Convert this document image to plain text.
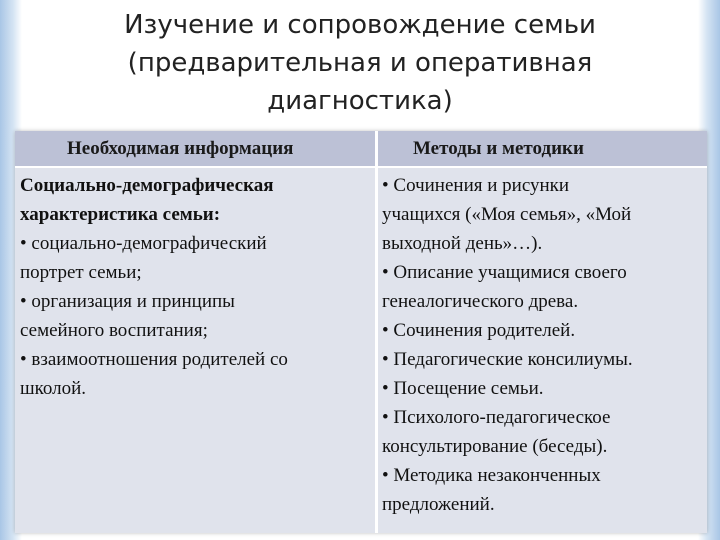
Изучение и сопровождение семьи
(предварительная и оперативная
диагностика)
Необходимая информация	Методы и методики
Социально-демографическая
характеристика семьи:
• социально-демографический
портрет семьи;
• организация и принципы
семейного воспитания;
• взаимоотношения родителей со
школой.
• Сочинения и рисунки
учащихся («Моя семья», «Мой
выходной день»…).
• Описание учащимися своего
генеалогического древа.
• Сочинения родителей.
• Педагогические консилиумы.
• Посещение семьи.
• Психолого-педагогическое
консультирование (беседы).
• Методика незаконченных
предложений.
